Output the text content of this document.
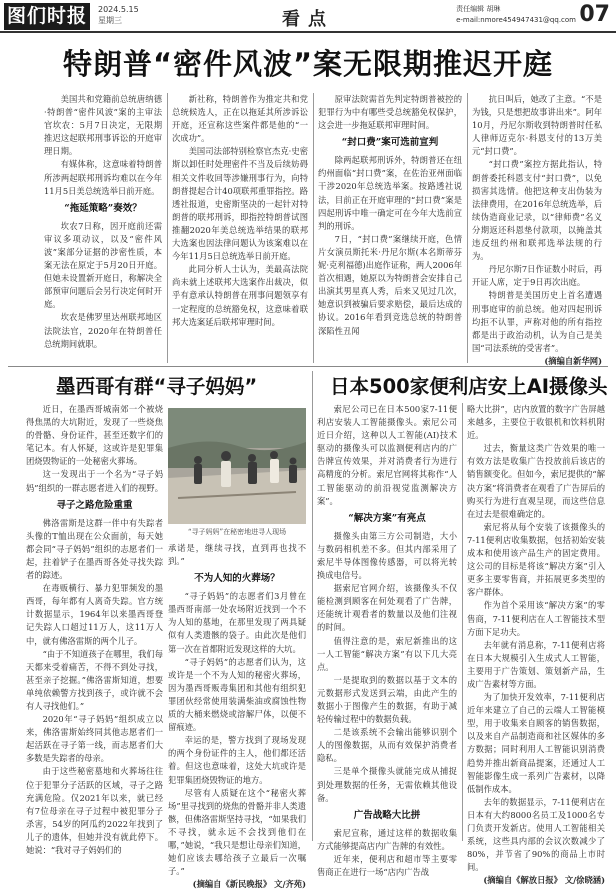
图们时报	2024.5.15
星期三	看点	责任编辑 胡琳
e-mail:nmore454947431@qq.com 07
特朗普“密件风波”案无限期推迟开庭

美国共和党籍前总统唐纳德·特朗普“密件风波”案的主审法官坎农：5月7日决定，无限期推迟这起联邦刑事诉讼的开庭审理日期。

有媒体称，这意味着特朗普所涉两起联邦刑诉均难以在今年11月5日美总统选举日前开庭。

“拖延策略”奏效？

坎农7日称，因开庭前还需审议多项动议，以及“密件风波”案部分证据的涉密性质，本案无法在原定于5月20日开庭。但她未设置新开庭日，称解决全部预审问题后会另行决定何时开庭。

坎农是佛罗里达州联邦地区法院法官，2020年在特朗普任总统期间就职。

新社称，特朗普作为推定共和党总统候选人，正在以拖延其所涉诉讼开庭，还宣称这些案件都是他的“一次成功”。

美国司法部特别检察官杰克·史密斯以卸任时处理密件不当及后续妨碍相关文件收回等涉嫌刑事行为，向特朗普提起合计40项联邦重罪指控。路透社报道，史密斯坚决的一起针对特朗普的联邦刑诉，即指控特朗普试图推翻2020年美总统选举结果的联邦大选案也因法律问题认为该案难以在今年11月5日总统选举日前开庭。

此同分析人士认为，美最高法院尚未就上述联邦大选案作出裁决，似乎有意承认特朗普在刑事问题领享有一定程度的总统豁免权，这意味着联邦大选案延后联邦审理时间。

原审法院需首先判定特朗普被控的犯罪行为中有哪些受总统豁免权保护，这会进一步拖延联邦审理时间。

“封口费”案可选前宣判

除两起联邦刑诉外，特朗普还在纽约州面临“封口费”案，在佐治亚州面临干涉2020年总统选举案。按路透社说法，目前正在开庭审理的“封口费”案是四起刑诉中唯一确定可在今年大选前宣判的刑诉。

7日，“封口费”案继续开庭，色情片女演员斯托米·丹尼尔斯(本名斯蒂芬妮·克利福德)出庭作证称，两人2006年首次相遇，她原以为特朗普会安排自己出演其男星真人秀，后来又见过几次，她意识到被骗后要求赔偿，最后达成的协议。2016年看到竞选总统的特朗普深陷性丑闻

抗日叫后，她改了主意。“不是为钱，只是想把故事讲出来”。阿年10月，丹尼尔斯收到特朗普时任私人律师迈克尔·科恩支付的13万美元“封口费”。

“封口费”案控方据此指认，特朗普委托科恩支付“封口费”，以免损害其选情。他把这种支出伪装为法律费用，在2016年总统选举，后续伪造商业记录，以“律师费”名义分期返还科恩垫付款项，以掩盖其违反纽约州和联邦选举法规的行为。

丹尼尔斯7日作证数小时后，再开证人席，定于9日再次出庭。

特朗普是美国历史上首名遭遇刑事庭审的前总统。他对四起刑诉均拒不认罪，声称对他的所有指控都是出于政治动机，认为自己是美国“司法系统的受害者”。

(摘编自新华网)

墨西哥有群“寻子妈妈”	日本500家便利店安上AI摄像头

近日，在墨西哥城南郊一个被烧得焦黑的大坑附近，发现了一些烧焦的骨骼、身份证件，甚至还数字们的笔记本。有人怀疑，这或许是犯罪集团烧毁物证的一处秘密火葬场。

这一发现出于一个名为“寻子妈妈”组织的一群志愿者进入们的视野。

寻子之路危险重重

佛洛雷斯是这群一伴中有失踪者头像的T恤出现在公众面前，每天她都会同“寻子妈妈”组织的志愿者们一起，拄着铲子在墨西哥各处寻找失踪者的踪迹。

在毒贩横行、暴力犯罪频发的墨西哥，每年都有人离奇失踪。官方统计数据显示，1964年以来墨西哥登记失踪人口超过11万人，这11万人中，就有佛洛雷斯的两个儿子。

“由于不知道孩子在哪里，我们每天都来受着痛苦，不得不到处寻找，甚至亲子挖掘。”佛洛雷斯知道，想要单纯依赖警方找到孩子，或许就不会有人寻找他们。”

2020年“寻子妈妈”组织成立以来，佛洛雷斯始终同其他志愿者们一起活跃在寻子第一线，而志愿者们大多数是失踪者的母亲。

由于这些秘密墓地和火葬场往往位于犯罪分子活跃的区域，寻子之路充满危险。仅2021年以来，就已经有7位母亲在寻子过程中被犯罪分子杀害，54岁的阿瓜约2022年找到了儿子的遗体，但她并没有就此停下。她说：“我对寻子妈妈们的

“寻子妈妈”在秘密地进寻人现场

承诺是，继续寻找，直到再也找不到。”

不为人知的火葬场？

“寻子妈妈”的志愿者们3月曾在墨西哥南部一处农场附近找到一个不为人知的墓地，在那里发现了两具疑似有人类遗骸的袋子。由此次是他们第一次在首都附近发现这样的大坑。

“寻子妈妈”的志愿者们认为，这或许是一个不为人知的秘密火葬场，因为墨西哥贩毒集团和其他有组织犯罪团伙经常使用装满柴油或腐蚀性物质的大桶来燃烧或溶解尸体，以便不留痕迹。

幸运的是，警方找到了现场发现的两个身份证件的主人，他们都还活着。但这也意味着，这处大坑或许是犯罪集团烧毁物证的地方。

尽管有人质疑在这个“秘密火葬场”里寻找到的烧焦的骨骼并非人类遗骸，但佛洛雷斯坚持寻找，“如果我们不寻找，就永远不会找到他们在哪，”她说，“我只是想让母亲们知道，她们应该去哪给孩子立最后一次嘱子。”

(摘编自《新民晚报》 文/齐苑)

索尼公司已在日本500家7-11便利店安装人工智能摄像头。索尼公司近日介绍，这种以人工智能(AI)技术驱动的摄像头可以监测便利店内的广告牌宣传效果，并对消费者行为进行高精度的分析。索尼官网将其称作“人工智能驱动的前沿视觉监测解决方案”。

“解决方案”有亮点

摄像头由第三方公司制造，大小与数码相机差不多。但其内部采用了索尼半导体图像传感器，可以将光转换成电信号。

据索尼官网介绍，该摄像头不仅能检测到顾客在何处观看了广告牌，还能统计观看者的数量以及他们注视的时间。

值得注意的是，索尼新推出的这一人工智能“解决方案”有以下几大亮点。

一是提取到的数据以基于文本的元数据形式发送到云端，由此产生的数据小于图像产生的数据，有助于减轻传输过程中的数据负载。

二是该系统不会输出能够识别个人的图像数据，从而有效保护消费者隐私。

三是单个摄像头就能完成从捕捉到处理数据的任务，无需依赖其他设备。

广告战略大比拼

索尼宣称，通过这样的数据收集方式能够提高店内广告牌的有效性。

近年来，便利店和超市等主要零售商正在进行一场“店内广告战

略大比拼”，店内放置的数字广告屏越来越多，主要位于收银机和饮料机附近。

过去，衡量这类广告效果的唯一有效方法是收集广告投放前后该店的销售额变化。但如今，索尼提供的“解决方案”将消费者在观看了广告屏后的购买行为进行直观呈现，而这些信息在过去是很难确定的。

索尼将从每个安装了该摄像头的7-11便利店收集数据，包括初始安装成本和使用该产品生产的固定费用。这公司的目标是将该“解决方案”引入更多主要零售商，并拓展更多类型的客户群体。

作为首个采用该“解决方案”的零售商，7-11便利店在人工智能技术型方面下足功夫。

去年就有消息称，7-11便利店将在日本大规模引入生成式人工智能，主要用于广告策划、策划新产品，生成广告素材等方面。

为了加快开发效率，7-11便利店近年来建立了自己的云端人工智能模型，用于收集来自顾客的销售数据，以及来自产品制造商和社区媒体的多方数据；同时利用人工智能识别消费趋势并推出新商品提案，还通过人工智能影像生成一系列广告素材，以降低制作成本。

去年的数据显示，7-11便利店在日本有大约8000名员工及1000名专门负责开发新店。使用人工智能相关系统，这些具内部的会议次数减少了80%，并节省了90%的商品上市时间。

(摘编自《解放日报》 文/徐晓涵)
